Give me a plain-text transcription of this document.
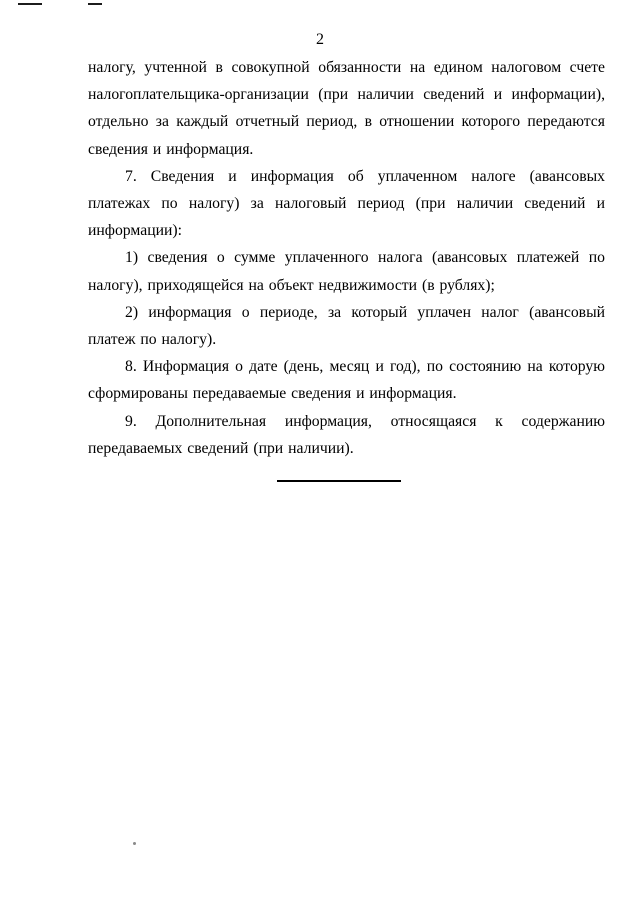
2

налогу, учтенной в совокупной обязанности на едином налоговом счете налогоплательщика-организации (при наличии сведений и информации), отдельно за каждый отчетный период, в отношении которого передаются сведения и информация.

7. Сведения и информация об уплаченном налоге (авансовых платежах по налогу) за налоговый период (при наличии сведений и информации):

1) сведения о сумме уплаченного налога (авансовых платежей по налогу), приходящейся на объект недвижимости (в рублях);

2) информация о периоде, за который уплачен налог (авансовый платеж по налогу).

8. Информация о дате (день, месяц и год), по состоянию на которую сформированы передаваемые сведения и информация.

9. Дополнительная информация, относящаяся к содержанию передаваемых сведений (при наличии).
